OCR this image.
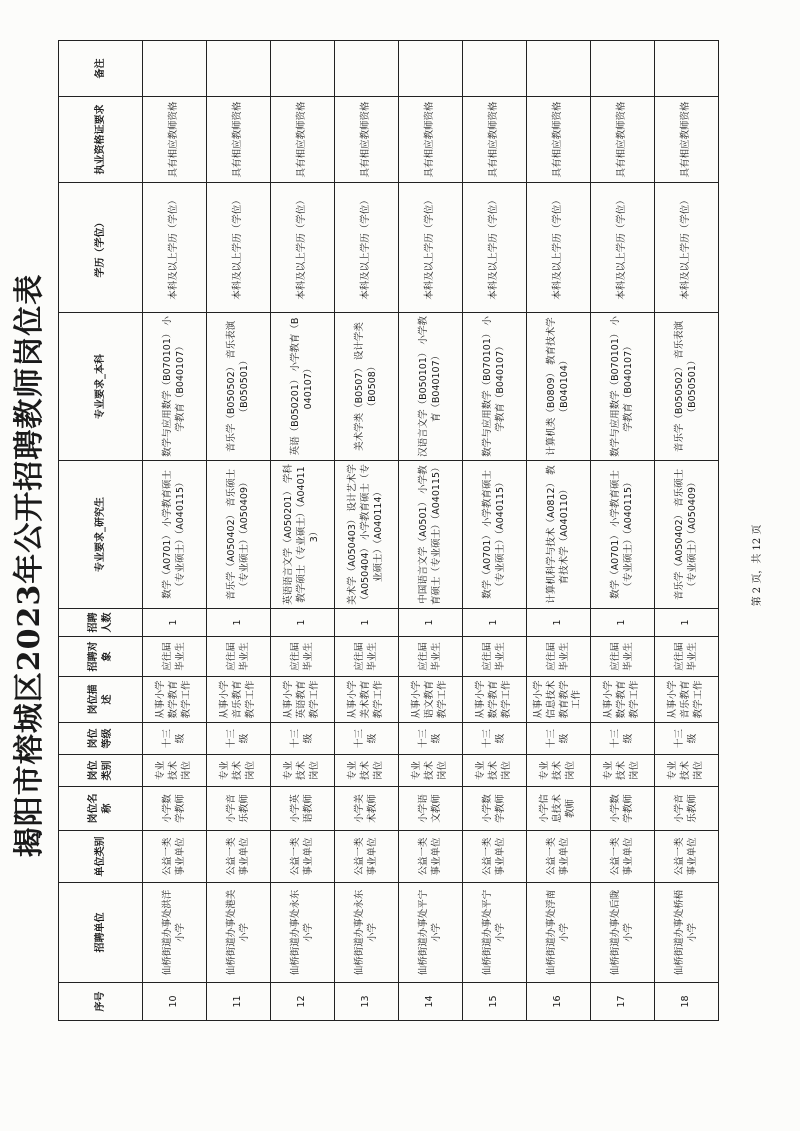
揭阳市榕城区2023年公开招聘教师岗位表
序号	招聘单位	单位类别	岗位名称	岗位类别	岗位等级	岗位描述	招聘对象	招聘人数	专业要求_研究生	专业要求_本科	学历（学位）	执业资格证要求	备注
10	仙桥街道办事处洪洋小学	公益一类事业单位	小学数学教师	专业技术岗位	十三级	从事小学数学教育教学工作	应往届毕业生	1	数学（A0701） 小学教育硕士（专业硕士）（A040115）	数学与应用数学（B070101） 小学教育（B040107）	本科及以上学历（学位）	具有相应教师资格	
11	仙桥街道办事处港美小学	公益一类事业单位	小学音乐教师	专业技术岗位	十三级	从事小学音乐教育教学工作	应往届毕业生	1	音乐学（A050402） 音乐硕士（专业硕士）（A050409）	音乐学（B050502） 音乐表演（B050501）	本科及以上学历（学位）	具有相应教师资格	
12	仙桥街道办事处永东小学	公益一类事业单位	小学英语教师	专业技术岗位	十三级	从事小学英语教育教学工作	应往届毕业生	1	英语语言文学（A050201） 学科教学硕士（专业硕士）（A040113）	英语（B050201） 小学教育（B040107）	本科及以上学历（学位）	具有相应教师资格	
13	仙桥街道办事处永东小学	公益一类事业单位	小学美术教师	专业技术岗位	十三级	从事小学美术教育教学工作	应往届毕业生	1	美术学（A050403） 设计艺术学（A050404） 小学教育硕士（专业硕士）（A040114）	美术学类（B0507） 设计学类（B0508）	本科及以上学历（学位）	具有相应教师资格	
14	仙桥街道办事处平宁小学	公益一类事业单位	小学语文教师	专业技术岗位	十三级	从事小学语文教育教学工作	应往届毕业生	1	中国语言文学（A0501） 小学教育硕士（专业硕士）（A040115）	汉语言文学（B050101） 小学教育（B040107）	本科及以上学历（学位）	具有相应教师资格	
15	仙桥街道办事处平宁小学	公益一类事业单位	小学数学教师	专业技术岗位	十三级	从事小学数学教育教学工作	应往届毕业生	1	数学（A0701） 小学教育硕士（专业硕士）（A040115）	数学与应用数学（B070101） 小学教育（B040107）	本科及以上学历（学位）	具有相应教师资格	
16	仙桥街道办事处浮南小学	公益一类事业单位	小学信息技术教师	专业技术岗位	十三级	从事小学信息技术教育教学工作	应往届毕业生	1	计算机科学与技术（A0812） 教育技术学（A040110）	计算机类（B0809） 教育技术学（B040104）	本科及以上学历（学位）	具有相应教师资格	
17	仙桥街道办事处后陇小学	公益一类事业单位	小学数学教师	专业技术岗位	十三级	从事小学数学教育教学工作	应往届毕业生	1	数学（A0701） 小学教育硕士（专业硕士）（A040115）	数学与应用数学（B070101） 小学教育（B040107）	本科及以上学历（学位）	具有相应教师资格	
18	仙桥街道办事处桥梧小学	公益一类事业单位	小学音乐教师	专业技术岗位	十三级	从事小学音乐教育教学工作	应往届毕业生	1	音乐学（A050402） 音乐硕士（专业硕士）（A050409）	音乐学（B050502） 音乐表演（B050501）	本科及以上学历（学位）	具有相应教师资格	
第 2 页，共 12 页
